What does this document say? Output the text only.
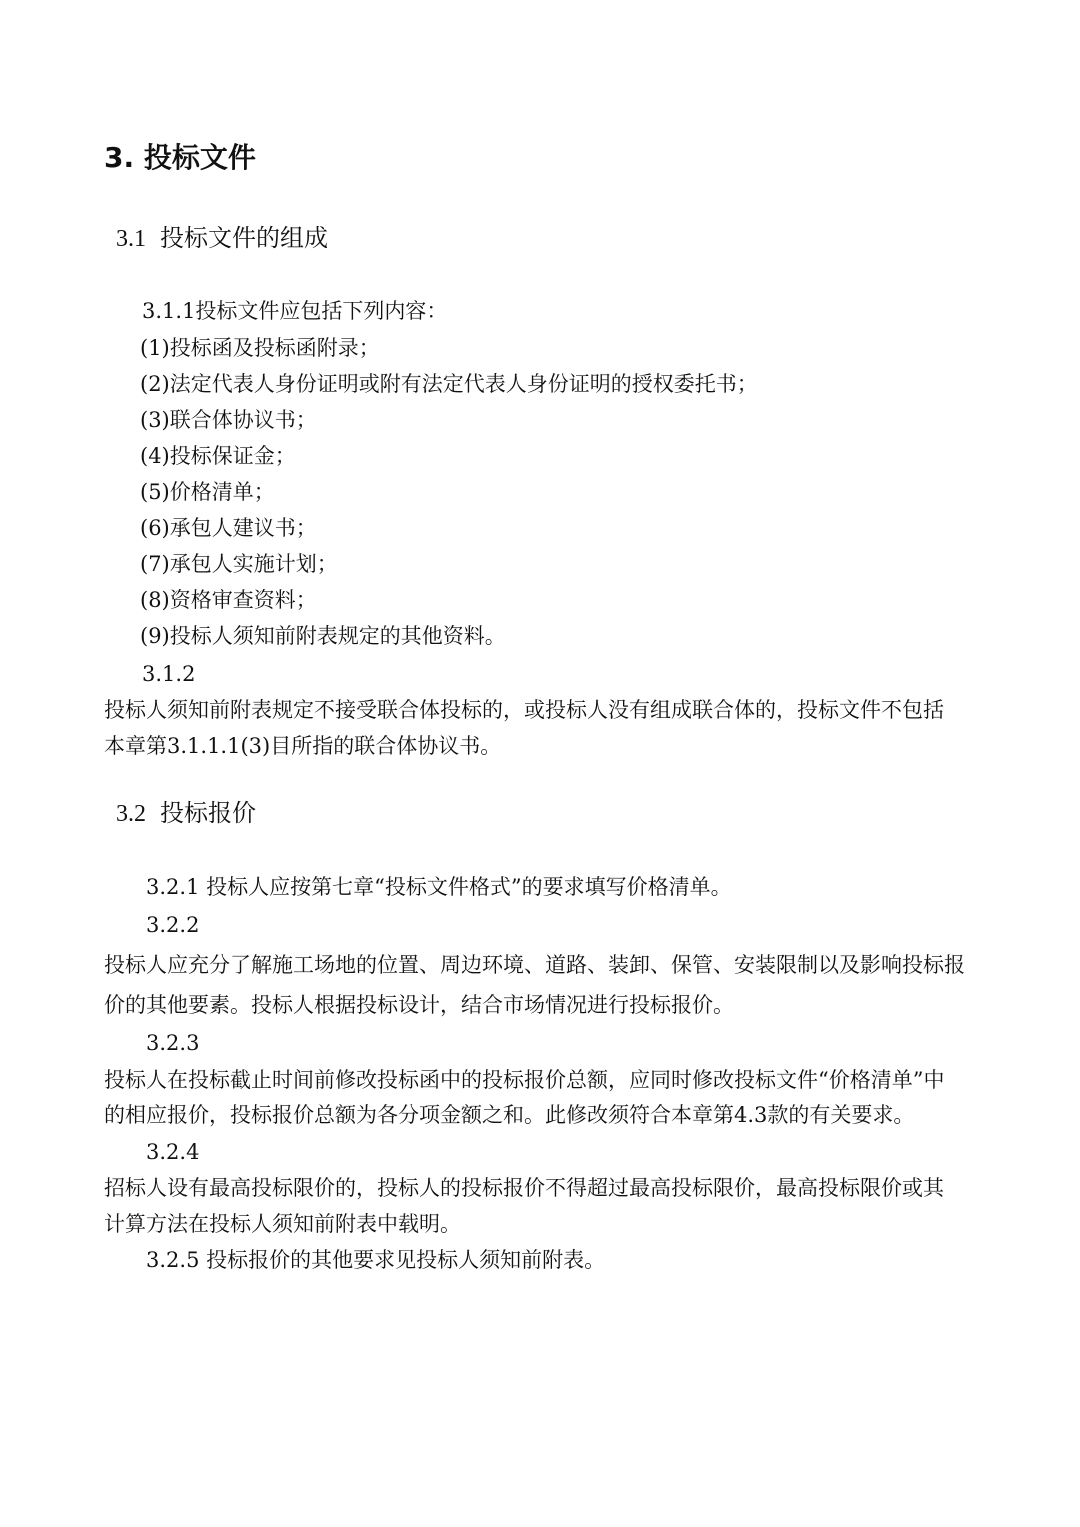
3. 投标文件
3.1 投标文件的组成
3.1.1投标文件应包括下列内容：
(1)投标函及投标函附录；
(2)法定代表人身份证明或附有法定代表人身份证明的授权委托书；
(3)联合体协议书；
(4)投标保证金；
(5)价格清单；
(6)承包人建议书；
(7)承包人实施计划；
(8)资格审查资料；
(9)投标人须知前附表规定的其他资料。
3.1.2
投标人须知前附表规定不接受联合体投标的，或投标人没有组成联合体的，投标文件不包括
本章第3.1.1.1(3)目所指的联合体协议书。
3.2 投标报价
3.2.1 投标人应按第七章“投标文件格式”的要求填写价格清单。
3.2.2
投标人应充分了解施工场地的位置、周边环境、道路、装卸、保管、安装限制以及影响投标报
价的其他要素。投标人根据投标设计，结合市场情况进行投标报价。
3.2.3
投标人在投标截止时间前修改投标函中的投标报价总额，应同时修改投标文件“价格清单”中
的相应报价，投标报价总额为各分项金额之和。此修改须符合本章第4.3款的有关要求。
3.2.4
招标人设有最高投标限价的，投标人的投标报价不得超过最高投标限价，最高投标限价或其
计算方法在投标人须知前附表中载明。
3.2.5 投标报价的其他要求见投标人须知前附表。
